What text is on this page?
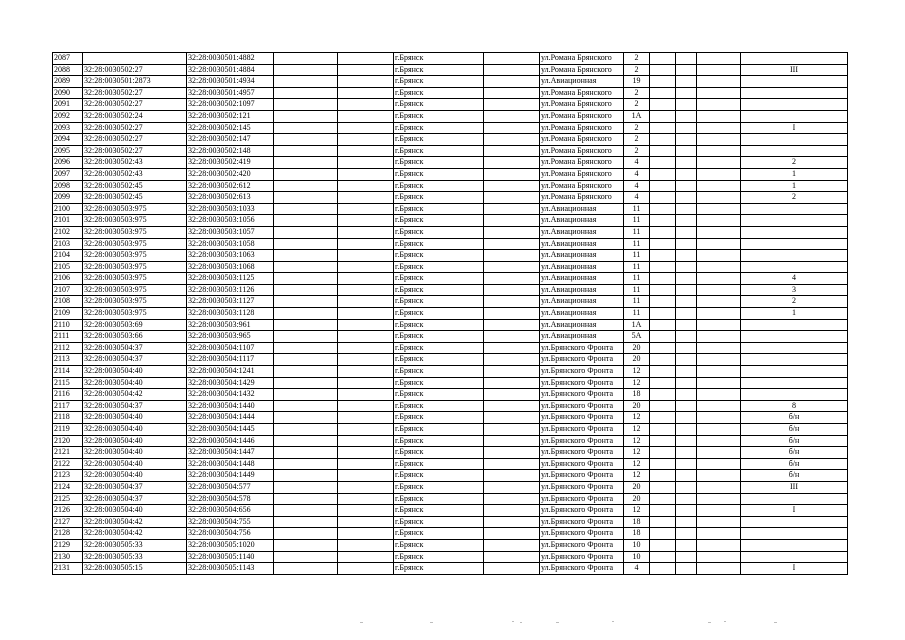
2087		32:28:0030501:4882			г.Брянск		ул.Романа Брянского	2				
2088	32:28:0030502:27	32:28:0030501:4884			г.Брянск		ул.Романа Брянского	2				III
2089	32:28:0030501:2873	32:28:0030501:4934			г.Брянск		ул.Авиационная	19				
2090	32:28:0030502:27	32:28:0030501:4957			г.Брянск		ул.Романа Брянского	2				
2091	32:28:0030502:27	32:28:0030502:1097			г.Брянск		ул.Романа Брянского	2				
2092	32:28:0030502:24	32:28:0030502:121			г.Брянск		ул.Романа Брянского	1А				
2093	32:28:0030502:27	32:28:0030502:145			г.Брянск		ул.Романа Брянского	2				I
2094	32:28:0030502:27	32:28:0030502:147			г.Брянск		ул.Романа Брянского	2				
2095	32:28:0030502:27	32:28:0030502:148			г.Брянск		ул.Романа Брянского	2				
2096	32:28:0030502:43	32:28:0030502:419			г.Брянск		ул.Романа Брянского	4				2
2097	32:28:0030502:43	32:28:0030502:420			г.Брянск		ул.Романа Брянского	4				1
2098	32:28:0030502:45	32:28:0030502:612			г.Брянск		ул.Романа Брянского	4				1
2099	32:28:0030502:45	32:28:0030502:613			г.Брянск		ул.Романа Брянского	4				2
2100	32:28:0030503:975	32:28:0030503:1033			г.Брянск		ул.Авиационная	11				
2101	32:28:0030503:975	32:28:0030503:1056			г.Брянск		ул.Авиационная	11				
2102	32:28:0030503:975	32:28:0030503:1057			г.Брянск		ул.Авиационная	11				
2103	32:28:0030503:975	32:28:0030503:1058			г.Брянск		ул.Авиационная	11				
2104	32:28:0030503:975	32:28:0030503:1063			г.Брянск		ул.Авиационная	11				
2105	32:28:0030503:975	32:28:0030503:1068			г.Брянск		ул.Авиационная	11				
2106	32:28:0030503:975	32:28:0030503:1125			г.Брянск		ул.Авиационная	11				4
2107	32:28:0030503:975	32:28:0030503:1126			г.Брянск		ул.Авиационная	11				3
2108	32:28:0030503:975	32:28:0030503:1127			г.Брянск		ул.Авиационная	11				2
2109	32:28:0030503:975	32:28:0030503:1128			г.Брянск		ул.Авиационная	11				1
2110	32:28:0030503:69	32:28:0030503:961			г.Брянск		ул.Авиационная	1А				
2111	32:28:0030503:66	32:28:0030503:965			г.Брянск		ул.Авиационная	5А				
2112	32:28:0030504:37	32:28:0030504:1107			г.Брянск		ул.Брянского Фронта	20				
2113	32:28:0030504:37	32:28:0030504:1117			г.Брянск		ул.Брянского Фронта	20				
2114	32:28:0030504:40	32:28:0030504:1241			г.Брянск		ул.Брянского Фронта	12				
2115	32:28:0030504:40	32:28:0030504:1429			г.Брянск		ул.Брянского Фронта	12				
2116	32:28:0030504:42	32:28:0030504:1432			г.Брянск		ул.Брянского Фронта	18				
2117	32:28:0030504:37	32:28:0030504:1440			г.Брянск		ул.Брянского Фронта	20				8
2118	32:28:0030504:40	32:28:0030504:1444			г.Брянск		ул.Брянского Фронта	12				б/н
2119	32:28:0030504:40	32:28:0030504:1445			г.Брянск		ул.Брянского Фронта	12				б/н
2120	32:28:0030504:40	32:28:0030504:1446			г.Брянск		ул.Брянского Фронта	12				б/н
2121	32:28:0030504:40	32:28:0030504:1447			г.Брянск		ул.Брянского Фронта	12				б/н
2122	32:28:0030504:40	32:28:0030504:1448			г.Брянск		ул.Брянского Фронта	12				б/н
2123	32:28:0030504:40	32:28:0030504:1449			г.Брянск		ул.Брянского Фронта	12				б/н
2124	32:28:0030504:37	32:28:0030504:577			г.Брянск		ул.Брянского Фронта	20				III
2125	32:28:0030504:37	32:28:0030504:578			г.Брянск		ул.Брянского Фронта	20				
2126	32:28:0030504:40	32:28:0030504:656			г.Брянск		ул.Брянского Фронта	12				I
2127	32:28:0030504:42	32:28:0030504:755			г.Брянск		ул.Брянского Фронта	18				
2128	32:28:0030504:42	32:28:0030504:756			г.Брянск		ул.Брянского Фронта	18				
2129	32:28:0030505:33	32:28:0030505:1020			г.Брянск		ул.Брянского Фронта	10				
2130	32:28:0030505:33	32:28:0030505:1140			г.Брянск		ул.Брянского Фронта	10				
2131	32:28:0030505:15	32:28:0030505:1143			г.Брянск		ул.Брянского Фронта	4				I
